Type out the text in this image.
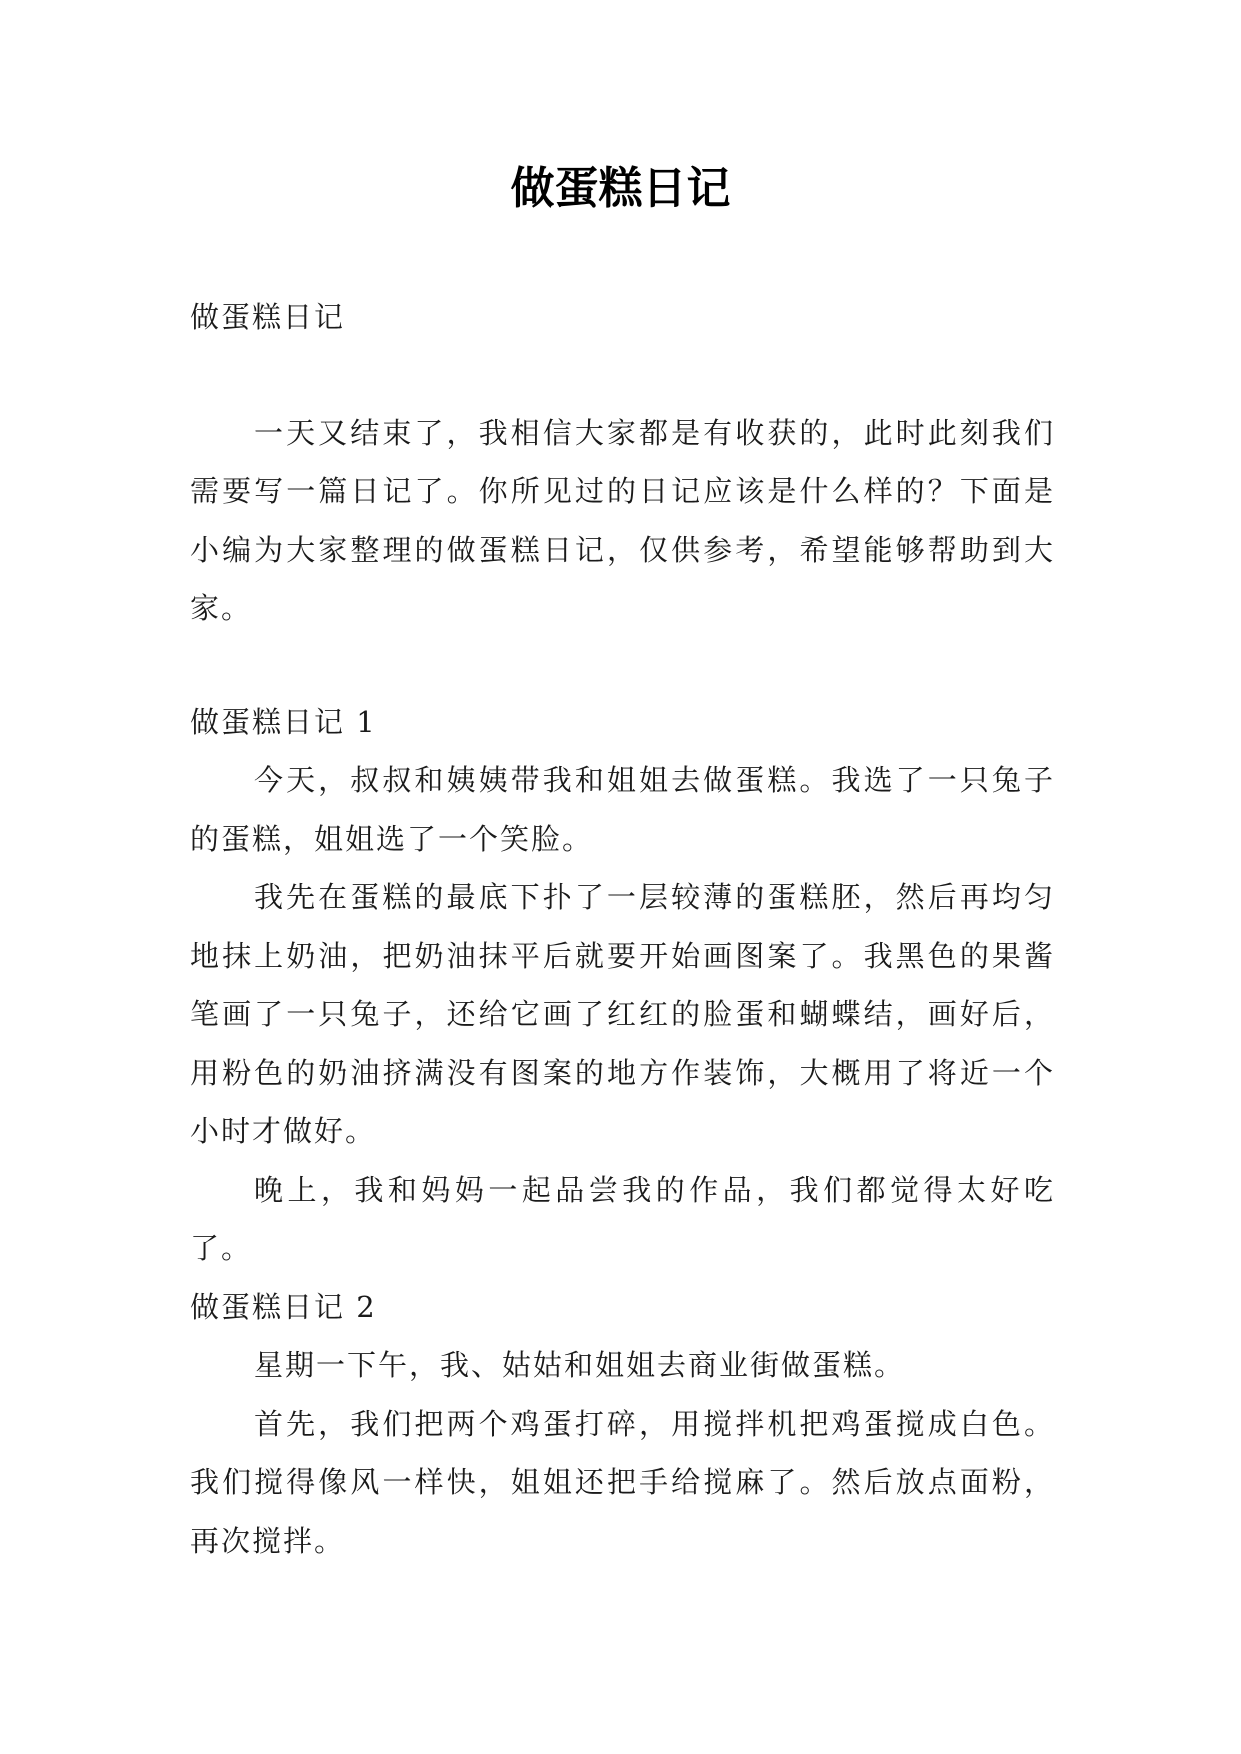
做蛋糕日记

做蛋糕日记

一天又结束了，我相信大家都是有收获的，此时此刻我们需要写一篇日记了。你所见过的日记应该是什么样的？下面是小编为大家整理的做蛋糕日记，仅供参考，希望能够帮助到大家。

做蛋糕日记 1

今天，叔叔和姨姨带我和姐姐去做蛋糕。我选了一只兔子的蛋糕，姐姐选了一个笑脸。

我先在蛋糕的最底下扑了一层较薄的蛋糕胚，然后再均匀地抹上奶油，把奶油抹平后就要开始画图案了。我黑色的果酱笔画了一只兔子，还给它画了红红的脸蛋和蝴蝶结，画好后，用粉色的奶油挤满没有图案的地方作装饰，大概用了将近一个小时才做好。

晚上，我和妈妈一起品尝我的作品，我们都觉得太好吃了。

做蛋糕日记 2

星期一下午，我、姑姑和姐姐去商业街做蛋糕。

首先，我们把两个鸡蛋打碎，用搅拌机把鸡蛋搅成白色。我们搅得像风一样快，姐姐还把手给搅麻了。然后放点面粉，再次搅拌。
